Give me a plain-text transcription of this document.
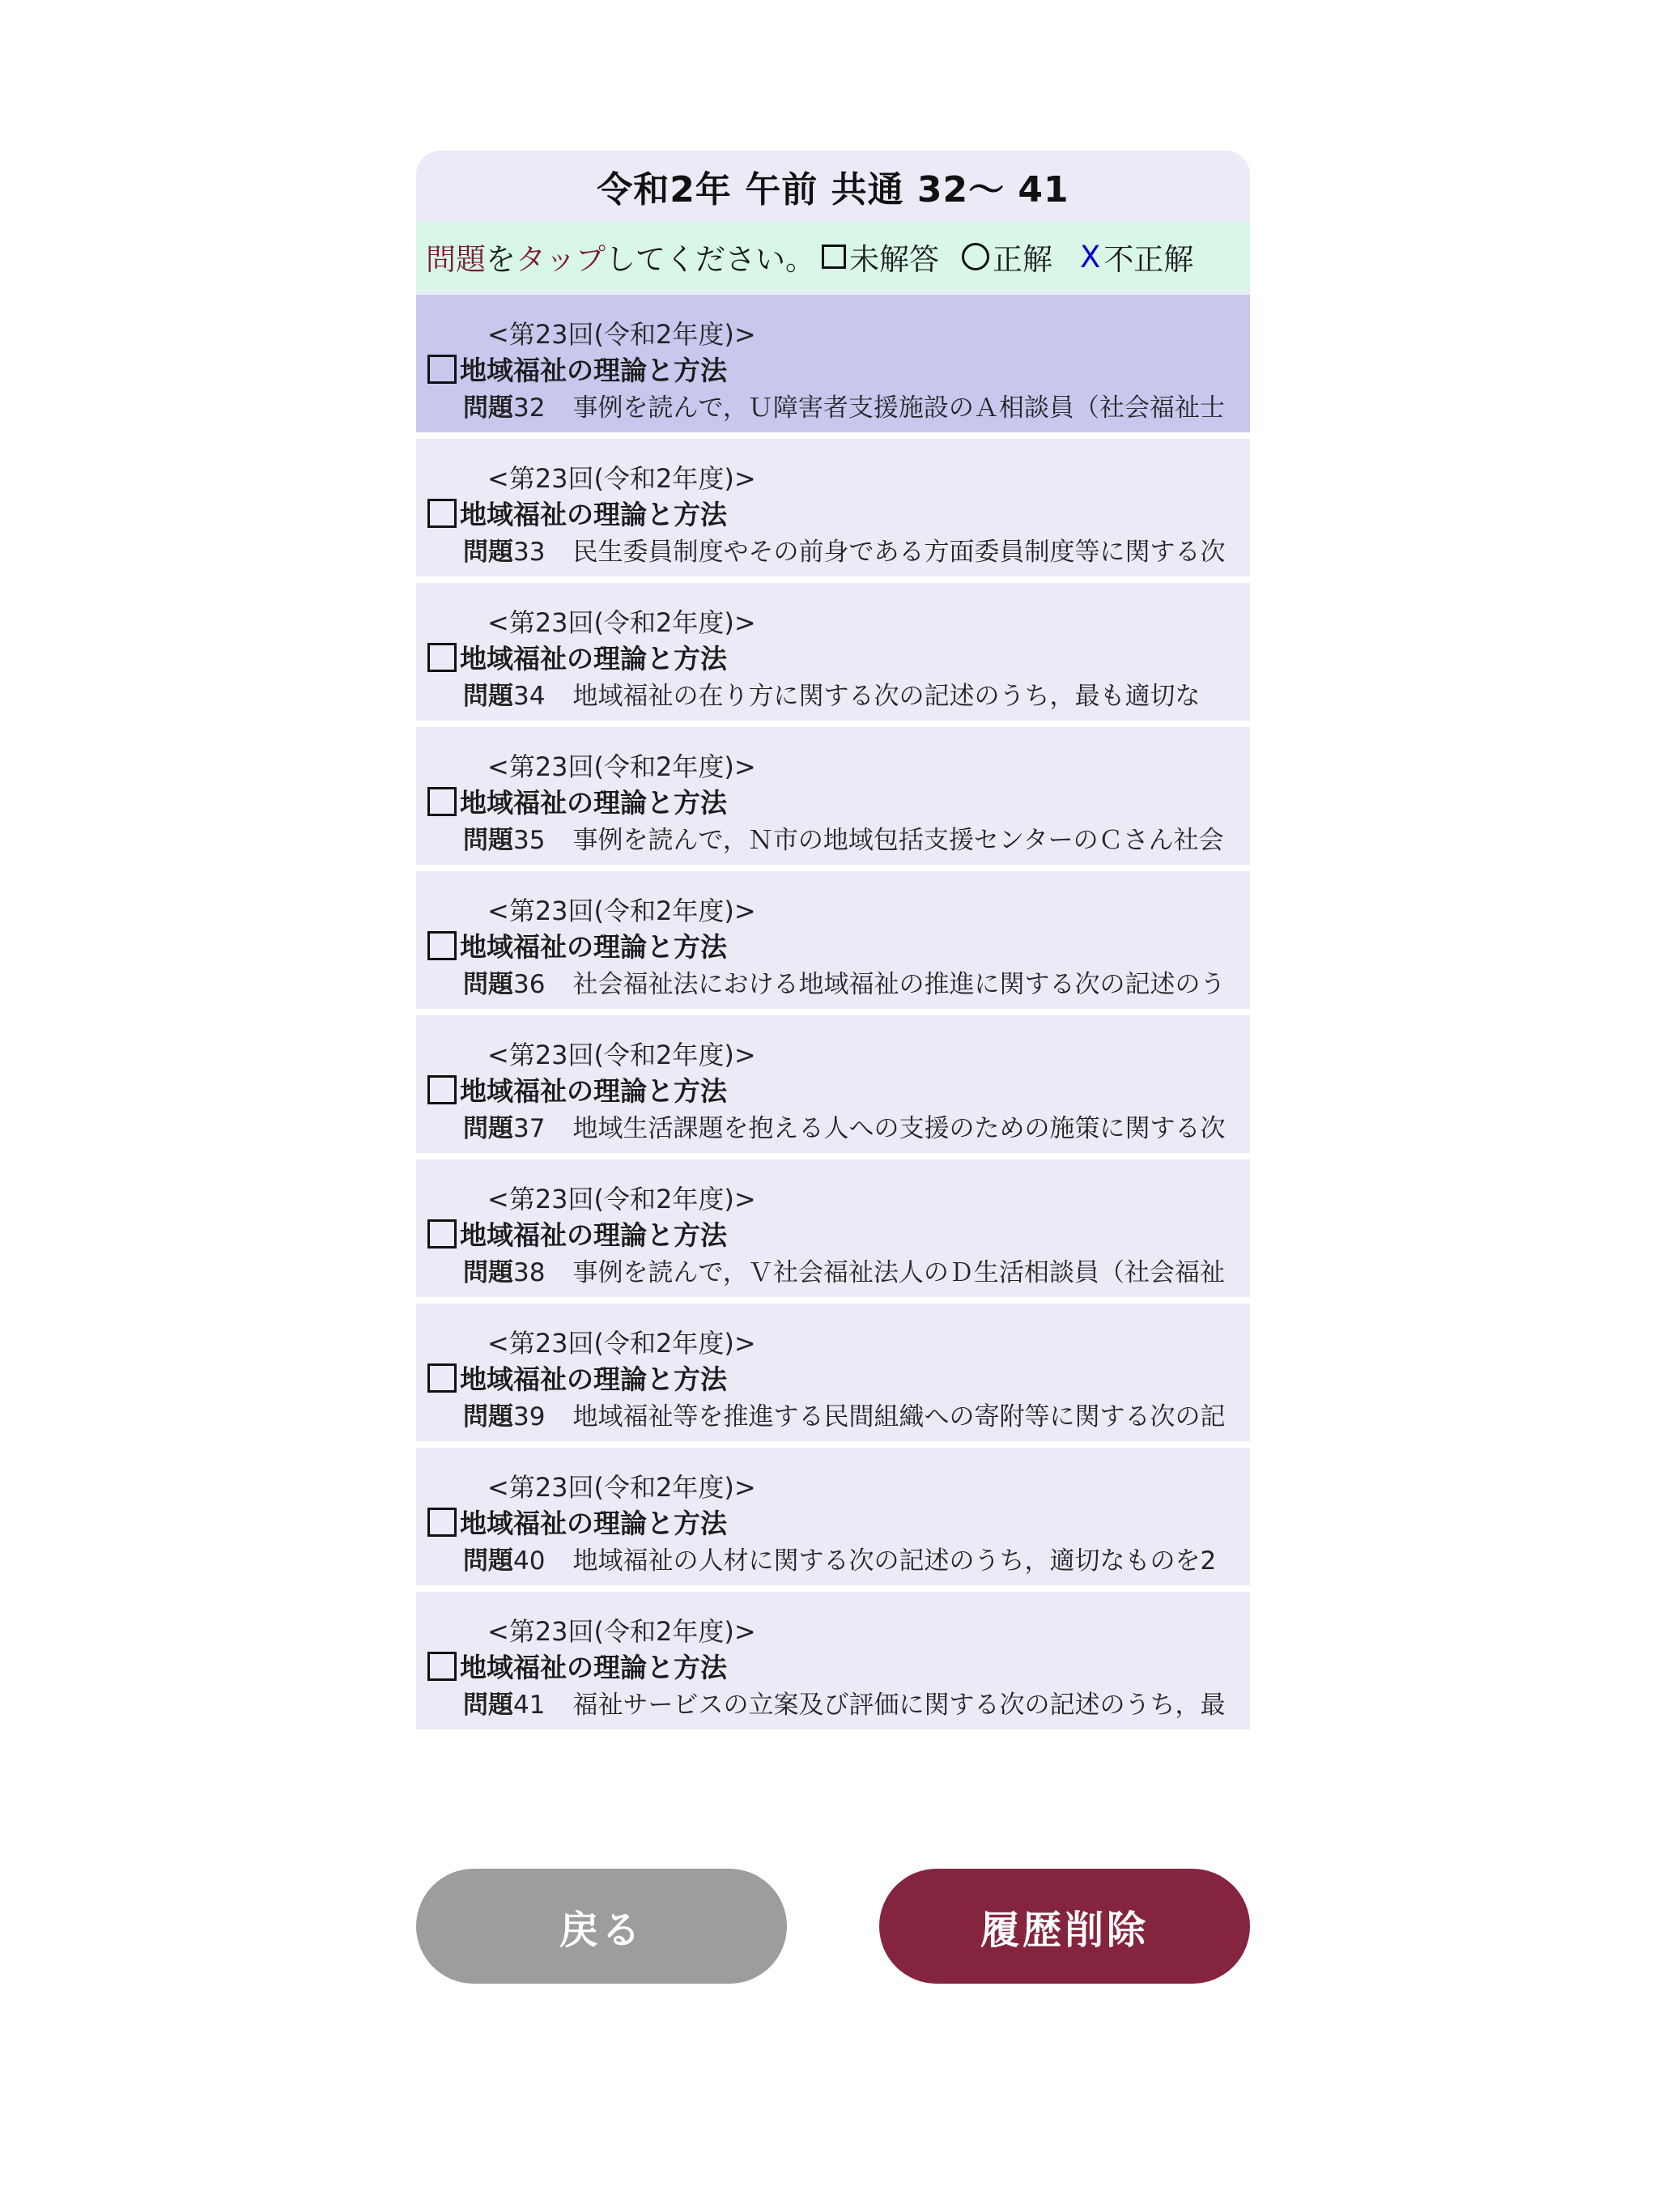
令和2年 午前 共通 32～ 41
問題 を タップ してください。 未解答 正解 X 不正解
<第23回(令和2年度)>
地域福祉の理論と方法
問題32 事例を読んで，Ｕ障害者支援施設のＡ相談員（社会福祉士
<第23回(令和2年度)>
地域福祉の理論と方法
問題33 民生委員制度やその前身である方面委員制度等に関する次
<第23回(令和2年度)>
地域福祉の理論と方法
問題34 地域福祉の在り方に関する次の記述のうち，最も適切な
<第23回(令和2年度)>
地域福祉の理論と方法
問題35 事例を読んで，Ｎ市の地域包括支援センターのＣさん社会
<第23回(令和2年度)>
地域福祉の理論と方法
問題36 社会福祉法における地域福祉の推進に関する次の記述のう
<第23回(令和2年度)>
地域福祉の理論と方法
問題37 地域生活課題を抱える人への支援のための施策に関する次
<第23回(令和2年度)>
地域福祉の理論と方法
問題38 事例を読んで，Ｖ社会福祉法人のＤ生活相談員（社会福祉
<第23回(令和2年度)>
地域福祉の理論と方法
問題39 地域福祉等を推進する民間組織への寄附等に関する次の記
<第23回(令和2年度)>
地域福祉の理論と方法
問題40 地域福祉の人材に関する次の記述のうち，適切なものを2
<第23回(令和2年度)>
地域福祉の理論と方法
問題41 福祉サービスの立案及び評価に関する次の記述のうち，最
戻る	履歴削除
